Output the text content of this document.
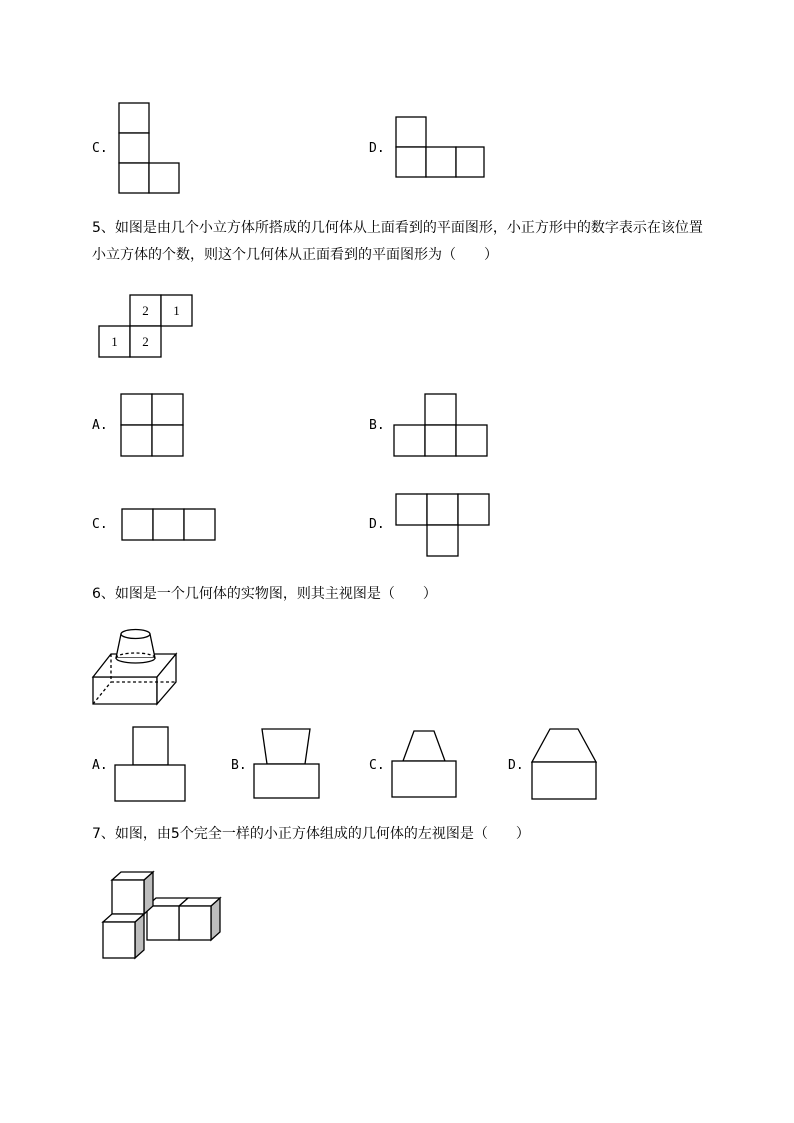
C.	D.
5、如图是由几个小立方体所搭成的几何体从上面看到的平面图形，小正方形中的数字表示在该位置
小立方体的个数，则这个几何体从正面看到的平面图形为（　　）
2 1
1 2
A.	B.
C.	D.
6、如图是一个几何体的实物图，则其主视图是（　　）
A.	B.	C.	D.
7、如图，由5个完全一样的小正方体组成的几何体的左视图是（　　）
